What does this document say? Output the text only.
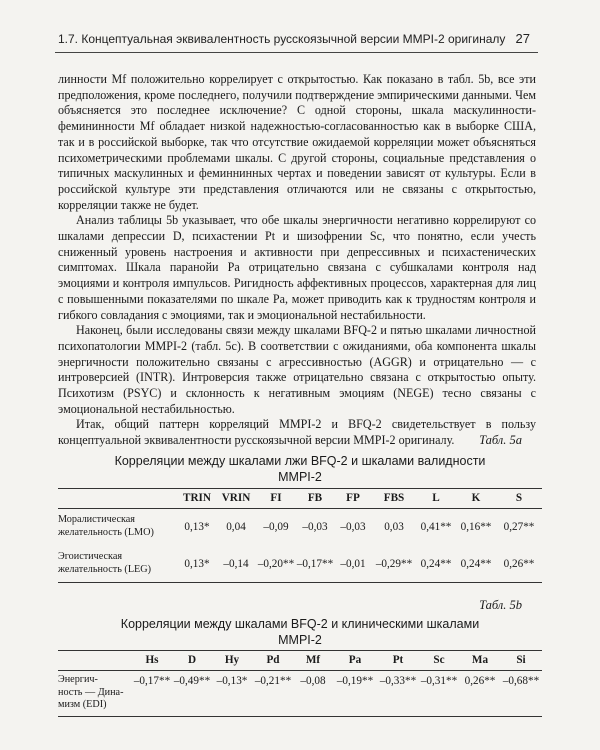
1.7. Концептуальная эквивалентность русскоязычной версии MMPI-2 оригиналу 27

линности Mf положительно коррелирует с открытостью. Как показано в табл. 5b, все эти предположения, кроме последнего, получили подтверждение эмпирическими данными. Чем объясняется это последнее исключение? С одной стороны, шкала маскулинности-фемининности Mf обладает низкой надежностью-согласованностью как в выборке США, так и в российской выборке, так что отсутствие ожидаемой корреляции может объясняться психометрическими проблемами шкалы. С другой стороны, социальные представления о типичных маскулинных и феминнинных чертах и поведении зависят от культуры. Если в российской культуре эти представления отличаются или не связаны с открытостью, корреляции также не будет.

Анализ таблицы 5b указывает, что обе шкалы энергичности негативно коррелируют со шкалами депрессии D, психастении Pt и шизофрении Sc, что понятно, если учесть сниженный уровень настроения и активности при депрессивных и психастенических симптомах. Шкала паранойи Pa отрицательно связана с субшкалами контроля над эмоциями и контроля импульсов. Ригидность аффективных процессов, характерная для лиц с повышенными показателями по шкале Pa, может приводить как к трудностям контроля и гибкого совладания с эмоциями, так и эмоциональной нестабильности.

Наконец, были исследованы связи между шкалами BFQ-2 и пятью шкалами личностной психопатологии MMPI-2 (табл. 5c). В соответствии с ожиданиями, оба компонента шкалы энергичности положительно связаны с агрессивностью (AGGR) и отрицательно — с интроверсией (INTR). Интроверсия также отрицательно связана с открытостью опыту. Психотизм (PSYC) и склонность к негативным эмоциям (NEGE) тесно связаны с эмоциональной нестабильностью.

Итак, общий паттерн корреляций MMPI-2 и BFQ-2 свидетельствует в пользу концептуальной эквивалентности русскоязычной версии MMPI-2 оригиналу.	Табл. 5a
Корреляции между шкалами лжи BFQ-2 и шкалами валидности
MMPI-2
	TRIN	VRIN	FI	FB	FP	FBS	L	K	S

Моралистическая
желательность (LMO)	0,13*	0,04	–0,09	–0,03	–0,03	0,03	0,41**	0,16**	0,27**

Эгоистическая
желательность (LEG)	0,13*	–0,14	–0,20**	–0,17**	–0,01	–0,29**	0,24**	0,24**	0,26**
Табл. 5b
Корреляции между шкалами BFQ-2 и клиническими шкалами
MMPI-2
	Hs	D	Hy	Pd	Mf	Pa	Pt	Sc	Ma	Si

Энергич-
ность — Дина-
мизм (EDI)	–0,17**	–0,49**	–0,13*	–0,21**	–0,08	–0,19**	–0,33**	–0,31**	0,26**	–0,68**
